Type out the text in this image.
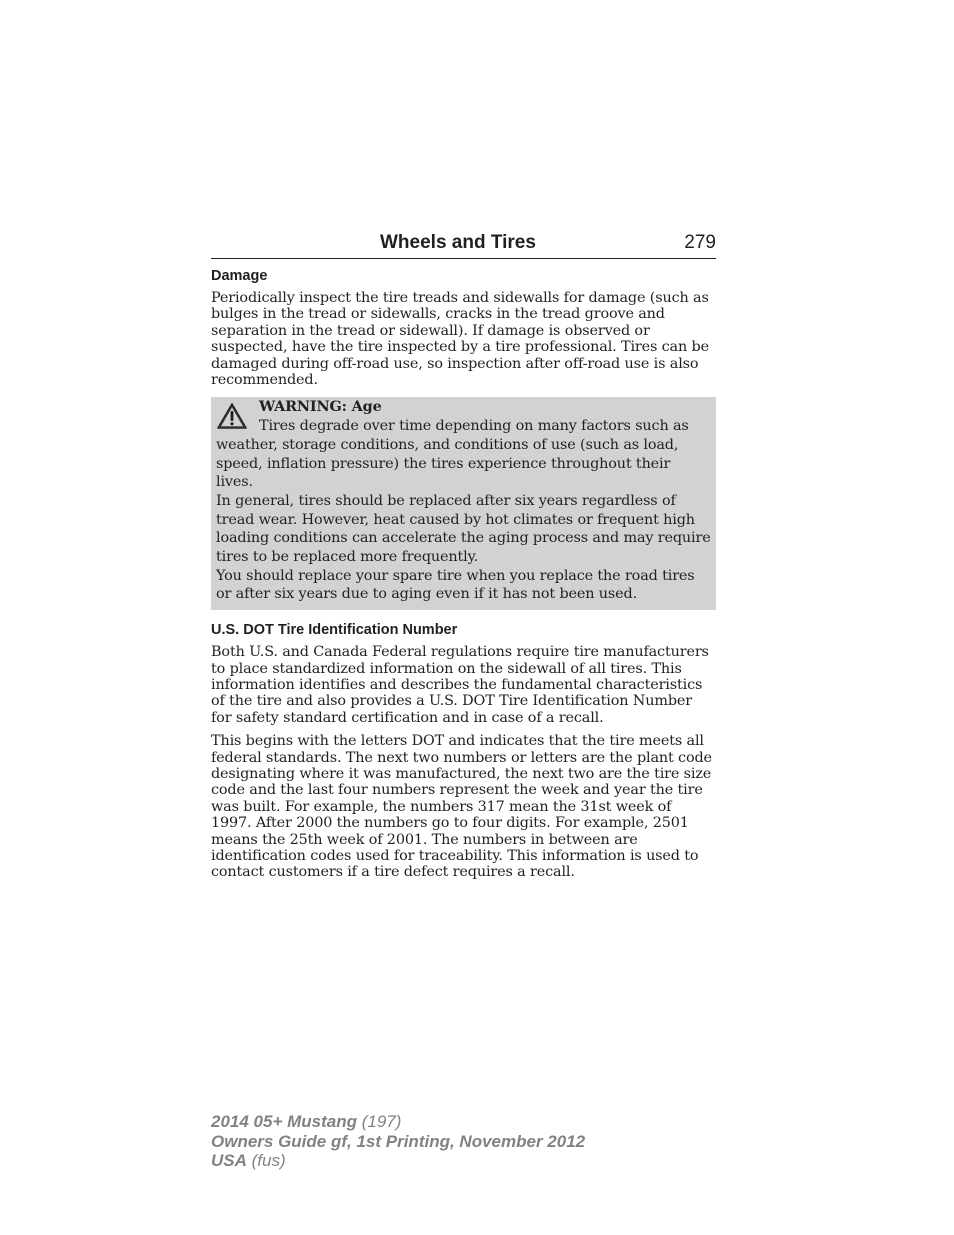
Wheels and Tires	279
Damage

Periodically inspect the tire treads and sidewalls for damage (such as bulges in the tread or sidewalls, cracks in the tread groove and separation in the tread or sidewall). If damage is observed or suspected, have the tire inspected by a tire professional. Tires can be damaged during off-road use, so inspection after off-road use is also recommended.

WARNING: Age
Tires degrade over time depending on many factors such as weather, storage conditions, and conditions of use (such as load, speed, inflation pressure) the tires experience throughout their lives.
In general, tires should be replaced after six years regardless of tread wear. However, heat caused by hot climates or frequent high loading conditions can accelerate the aging process and may require tires to be replaced more frequently.
You should replace your spare tire when you replace the road tires or after six years due to aging even if it has not been used.
U.S. DOT Tire Identification Number

Both U.S. and Canada Federal regulations require tire manufacturers to place standardized information on the sidewall of all tires. This information identifies and describes the fundamental characteristics of the tire and also provides a U.S. DOT Tire Identification Number for safety standard certification and in case of a recall.

This begins with the letters DOT and indicates that the tire meets all federal standards. The next two numbers or letters are the plant code designating where it was manufactured, the next two are the tire size code and the last four numbers represent the week and year the tire was built. For example, the numbers 317 mean the 31st week of 1997. After 2000 the numbers go to four digits. For example, 2501 means the 25th week of 2001. The numbers in between are identification codes used for traceability. This information is used to contact customers if a tire defect requires a recall.

2014 05+ Mustang (197)
Owners Guide gf, 1st Printing, November 2012
USA (fus)
